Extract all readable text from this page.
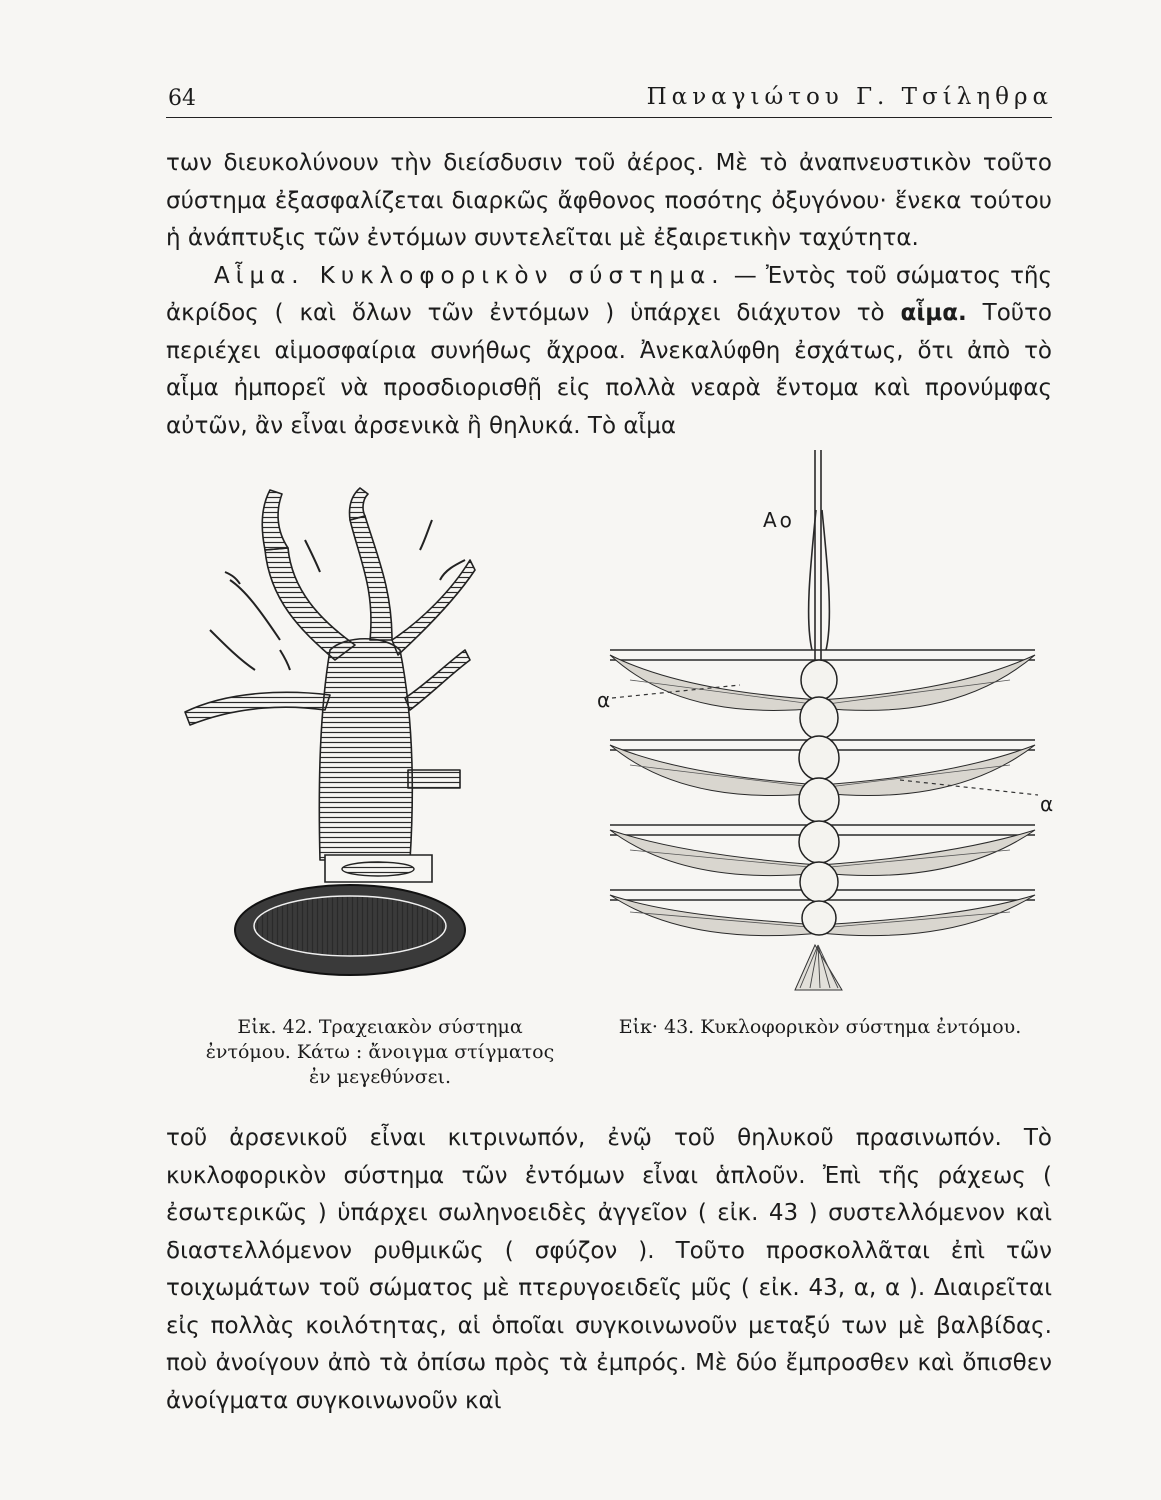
64	Παναγιώτου Γ. Τσίληθρα

των διευκολύνουν τὴν διείσδυσιν τοῦ ἀέρος. Μὲ τὸ ἀναπνευστικὸν τοῦτο σύστημα ἐξασφαλίζεται διαρκῶς ἄφθονος ποσότης ὀξυγόνου· ἕνεκα τούτου ἡ ἀνάπτυξις τῶν ἐντόμων συντελεῖται μὲ ἐξαιρετικὴν ταχύτητα.
Αἷμα. Κυκλοφορικὸν σύστημα. — Ἐντὸς τοῦ σώματος τῆς ἀκρίδος ( καὶ ὅλων τῶν ἐντόμων ) ὑπάρχει διάχυτον τὸ αἷμα. Τοῦτο περιέχει αἱμοσφαίρια συνήθως ἄχροα. Ἀνεκαλύφθη ἐσχάτως, ὅτι ἀπὸ τὸ αἷμα ἠμπορεῖ νὰ προσδιορισθῇ εἰς πολλὰ νεαρὰ ἔντομα καὶ προνύμφας αὐτῶν, ἂν εἶναι ἀρσενικὰ ἢ θηλυκά. Τὸ αἷμα

Αο
α
α

Εἰκ. 42. Τραχειακὸν σύστημα ἐντόμου. Κάτω : ἄνοιγμα στίγματος ἐν μεγεθύνσει.

Εἰκ· 43. Κυκλοφορικὸν σύστημα ἐντόμου.

τοῦ ἀρσενικοῦ εἶναι κιτρινωπόν, ἐνῷ τοῦ θηλυκοῦ πρασινωπόν. Τὸ κυκλοφορικὸν σύστημα τῶν ἐντόμων εἶναι ἁπλοῦν. Ἐπὶ τῆς ράχεως ( ἐσωτερικῶς ) ὑπάρχει σωληνοειδὲς ἀγγεῖον ( εἰκ. 43 ) συστελλόμενον καὶ διαστελλόμενον ρυθμικῶς ( σφύζον ). Τοῦτο προσκολλᾶται ἐπὶ τῶν τοιχωμάτων τοῦ σώματος μὲ πτερυγοειδεῖς μῦς ( εἰκ. 43, α, α ). Διαιρεῖται εἰς πολλὰς κοιλότητας, αἱ ὁποῖαι συγκοινωνοῦν μεταξύ των μὲ βαλβίδας. ποὺ ἀνοίγουν ἀπὸ τὰ ὀπίσω πρὸς τὰ ἐμπρός. Μὲ δύο ἔμπροσθεν καὶ ὄπισθεν ἀνοίγματα συγκοινωνοῦν καὶ
